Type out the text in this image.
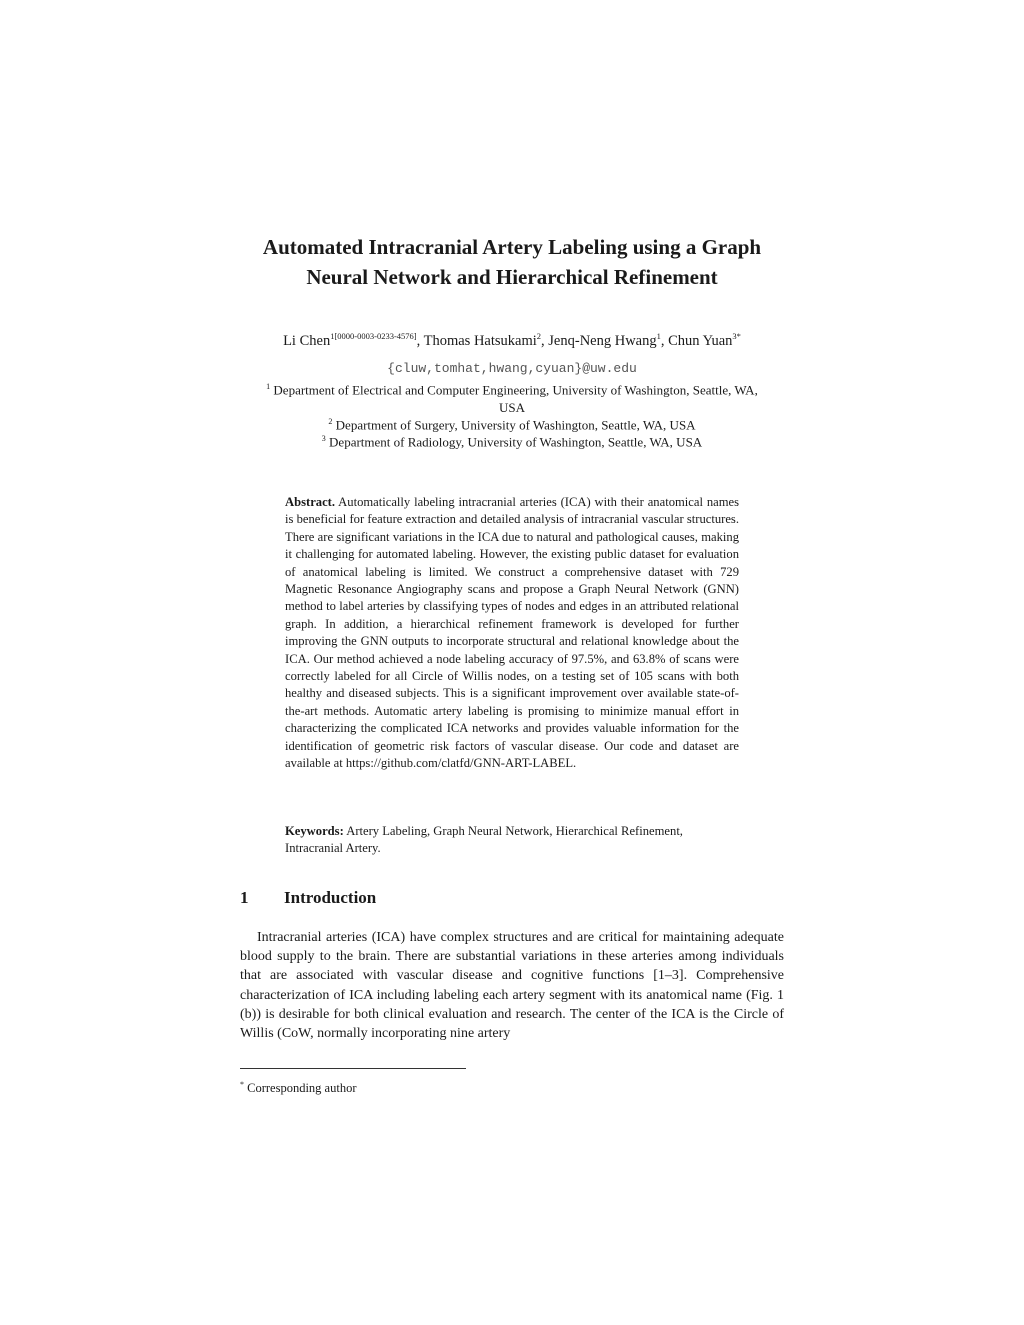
Automated Intracranial Artery Labeling using a Graph
Neural Network and Hierarchical Refinement
Li Chen$^{1[0000-0003-0233-4576]}$, Thomas Hatsukami$^2$, Jenq-Neng Hwang$^1$, Chun Yuan$^{3*}$
{cluw,tomhat,hwang,cyuan}@uw.edu
$^1$ Department of Electrical and Computer Engineering, University of Washington, Seattle, WA,
USA
$^2$ Department of Surgery, University of Washington, Seattle, WA, USA
$^3$ Department of Radiology, University of Washington, Seattle, WA, USA
Abstract. Automatically labeling intracranial arteries (ICA) with their anatomical names is beneficial for feature extraction and detailed analysis of intracranial vascular structures. There are significant variations in the ICA due to natural and pathological causes, making it challenging for automated labeling. However, the existing public dataset for evaluation of anatomical labeling is limited. We construct a comprehensive dataset with 729 Magnetic Resonance Angiography scans and propose a Graph Neural Network (GNN) method to label arteries by classifying types of nodes and edges in an attributed relational graph. In addition, a hierarchical refinement framework is developed for further improving the GNN outputs to incorporate structural and relational knowledge about the ICA. Our method achieved a node labeling accuracy of 97.5%, and 63.8% of scans were correctly labeled for all Circle of Willis nodes, on a testing set of 105 scans with both healthy and diseased subjects. This is a significant improvement over available state-of-the-art methods. Automatic artery labeling is promising to minimize manual effort in characterizing the complicated ICA networks and provides valuable information for the identification of geometric risk factors of vascular disease. Our code and dataset are available at https://github.com/clatfd/GNN-ART-LABEL.
Keywords: Artery Labeling, Graph Neural Network, Hierarchical Refinement, Intracranial Artery.
1 Introduction
Intracranial arteries (ICA) have complex structures and are critical for maintaining adequate blood supply to the brain. There are substantial variations in these arteries among individuals that are associated with vascular disease and cognitive functions [1–3]. Comprehensive characterization of ICA including labeling each artery segment with its anatomical name (Fig. 1 (b)) is desirable for both clinical evaluation and research. The center of the ICA is the Circle of Willis (CoW, normally incorporating nine artery
* Corresponding author
